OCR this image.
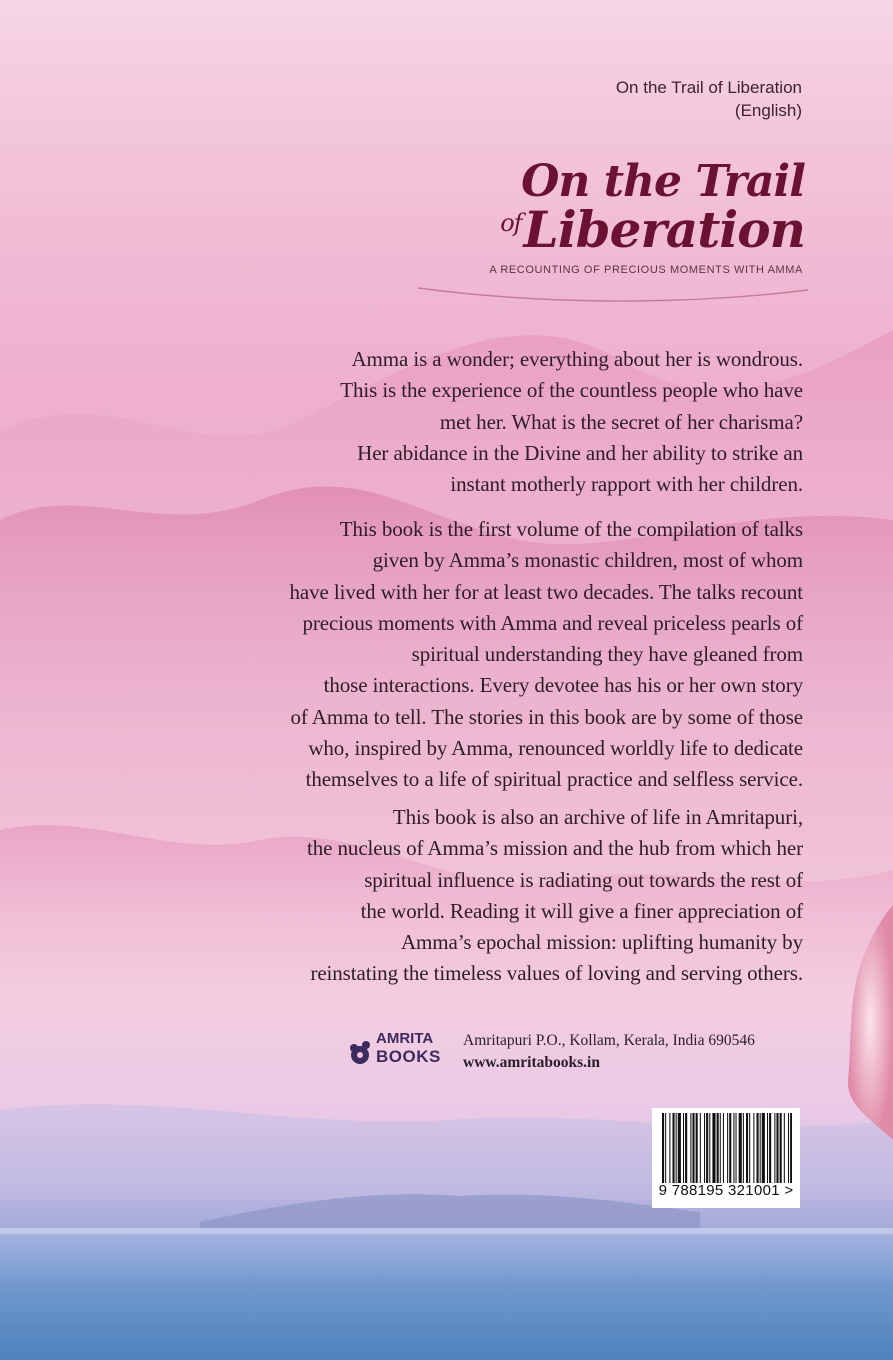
On the Trail of Liberation
(English)
On the Trail
$^{of}$Liberation
A RECOUNTING OF PRECIOUS MOMENTS WITH AMMA
Amma is a wonder; everything about her is wondrous.
This is the experience of the countless people who have
met her. What is the secret of her charisma?
Her abidance in the Divine and her ability to strike an
instant motherly rapport with her children.
This book is the first volume of the compilation of talks
given by Amma’s monastic children, most of whom
have lived with her for at least two decades. The talks recount
precious moments with Amma and reveal priceless pearls of
spiritual understanding they have gleaned from
those interactions. Every devotee has his or her own story
of Amma to tell. The stories in this book are by some of those
who, inspired by Amma, renounced worldly life to dedicate
themselves to a life of spiritual practice and selfless service.
This book is also an archive of life in Amritapuri,
the nucleus of Amma’s mission and the hub from which her
spiritual influence is radiating out towards the rest of
the world. Reading it will give a finer appreciation of
Amma’s epochal mission: uplifting humanity by
reinstating the timeless values of loving and serving others.
AMRITA
BOOKS
Amritapuri P.O., Kollam, Kerala, India 690546
www.amritabooks.in
9 788195 321001 >
